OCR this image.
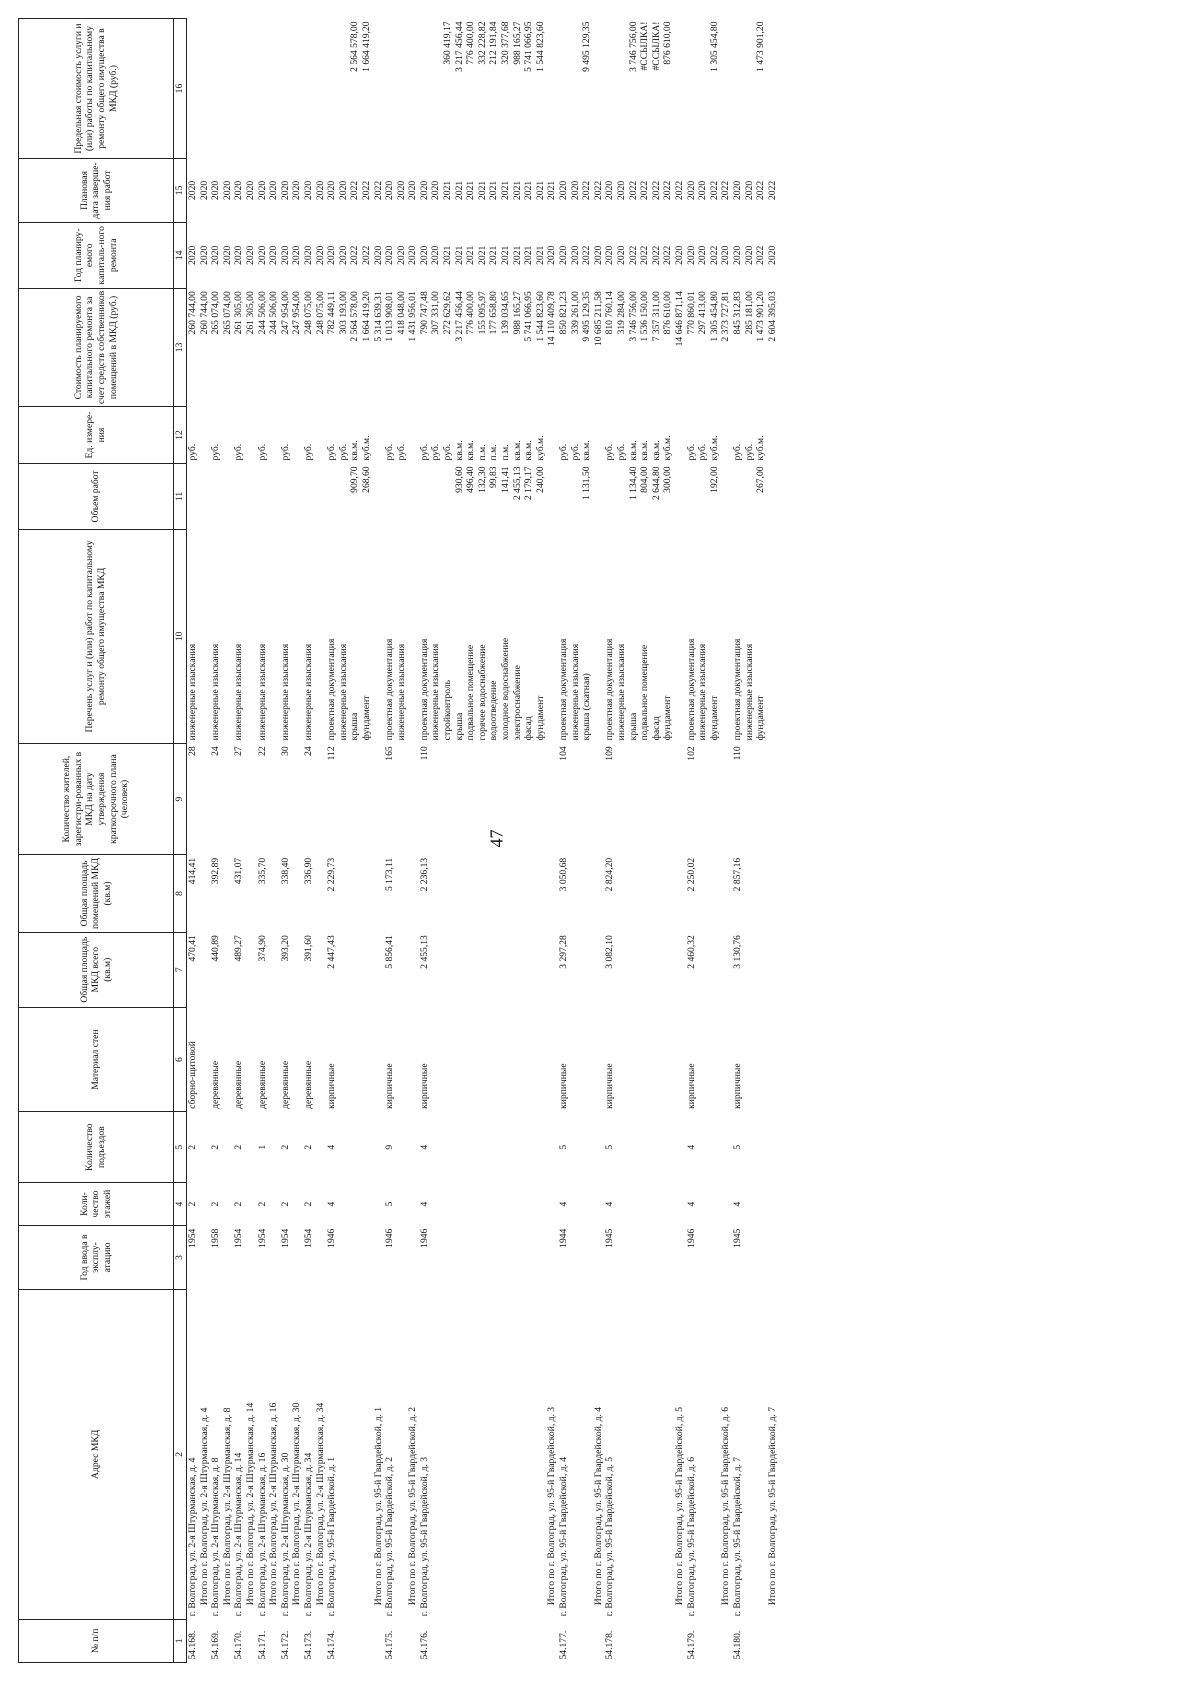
47
№ п/п	Адрес МКД	Год ввода в эксплу-атацию	Коли-чество этажей	Количество подъездов	Материал стен	Общая площадь МКД всего (кв.м)	Общая площадь помещений МКД (кв.м)	Количество жителей, зарегистри-рованных в МКД на дату утверждения краткосрочного плана (человек)	Перечень услуг и (или) работ по капитальному ремонту общего имущества МКД	Объем работ	Ед. измере-ния	Стоимость планируемого капитального ремонта за счет средств собственников помещений в МКД (руб.)	Год планиру-емого капиталь-ного ремонта	Плановая дата заверше-ния работ	Предельная стоимость услуги и (или) работы по капитальному ремонту общего имущества в МКД (руб.)
1	2	3	4	5	6	7	8	9	10	11	12	13	14	15	16
54.168.	г. Волгоград, ул. 2-я Штурманская, д. 4	1954	2	2	сборно-щитовой	470,41	414,41	28	инженерные изыскания		руб.	260 744,00	2020	2020	
	Итого по г. Волгоград, ул. 2-я Штурманская, д. 4											260 744,00	2020	2020	
54.169.	г. Волгоград, ул. 2-я Штурманская, д. 8	1958	2	2	деревянные	440,89	392,89	24	инженерные изыскания		руб.	265 074,00	2020	2020	
	Итого по г. Волгоград, ул. 2-я Штурманская, д. 8											265 074,00	2020	2020	
54.170.	г. Волгоград, ул. 2-я Штурманская, д. 14	1954	2	2	деревянные	489,27	431,07	27	инженерные изыскания		руб.	261 305,00	2020	2020	
	Итого по г. Волгоград, ул. 2-я Штурманская, д. 14											261 305,00	2020	2020	
54.171.	г. Волгоград, ул. 2-я Штурманская, д. 16	1954	2	1	деревянные	374,90	335,70	22	инженерные изыскания		руб.	244 506,00	2020	2020	
	Итого по г. Волгоград, ул. 2-я Штурманская, д. 16											244 506,00	2020	2020	
54.172.	г. Волгоград, ул. 2-я Штурманская, д. 30	1954	2	2	деревянные	393,20	338,40	30	инженерные изыскания		руб.	247 954,00	2020	2020	
	Итого по г. Волгоград, ул. 2-я Штурманская, д. 30											247 954,00	2020	2020	
54.173.	г. Волгоград, ул. 2-я Штурманская, д. 34	1954	2	2	деревянные	391,60	336,90	24	инженерные изыскания		руб.	248 075,00	2020	2020	
	Итого по г. Волгоград, ул. 2-я Штурманская, д. 34											248 075,00	2020	2020	
54.174.	г. Волгоград, ул. 95-й Гвардейской, д. 1	1946	4	4	кирпичные	2 447,43	2 229,73	112	проектная документация		руб.	782 449,11	2020	2020	
									инженерные изыскания		руб.	303 193,00	2020	2020	
									крыша	909,70	кв.м.	2 564 578,00	2022	2022	2 564 578,00
									фундамент	268,60	куб.м.	1 664 419,20	2022	2022	1 664 419,20
	Итого по г. Волгоград, ул. 95-й Гвардейской, д. 1											5 314 639,31	2020	2022	
54.175.	г. Волгоград, ул. 95-й Гвардейской, д. 2	1946	5	9	кирпичные	5 856,41	5 173,11	165	проектная документация		руб.	1 013 908,01	2020	2020	
									инженерные изыскания		руб.	418 048,00	2020	2020	
	Итого по г. Волгоград, ул. 95-й Гвардейской, д. 2											1 431 956,01	2020	2020	
54.176.	г. Волгоград, ул. 95-й Гвардейской, д. 3	1946	4	4	кирпичные	2 455,13	2 236,13	110	проектная документация		руб.	790 747,48	2020	2020	
									инженерные изыскания		руб.	307 331,00	2020	2020	
									стройконтроль		руб.	272 629,62	2021	2021	360 419,17
									крыша	930,60	кв.м.	3 217 456,44	2021	2021	3 217 456,44
									подвальное помещение	496,40	кв.м.	776 400,00	2021	2021	776 400,00
									горячее водоснабжение	132,30	п.м.	155 095,97	2021	2021	332 228,82
									водоотведение	99,83	п.м.	177 658,80	2021	2021	212 191,84
									холодное водоснабжение	141,41	п.м.	139 034,65	2021	2021	320 377,68
									электроснабжение	2 455,13	кв.м.	988 165,27	2021	2021	988 165,27
									фасад	2 179,17	кв.м.	5 741 066,95	2021	2021	5 741 066,95
									фундамент	240,00	куб.м.	1 544 823,60	2021	2021	1 544 823,60
	Итого по г. Волгоград, ул. 95-й Гвардейской, д. 3											14 110 409,78	2020	2021	
54.177.	г. Волгоград, ул. 95-й Гвардейской, д. 4	1944	4	5	кирпичные	3 297,28	3 050,68	104	проектная документация		руб.	850 821,23	2020	2020	
									инженерные изыскания		руб.	339 261,00	2020	2020	
									крыша (скатная)	1 131,50	кв.м.	9 495 129,35	2022	2022	9 495 129,35
	Итого по г. Волгоград, ул. 95-й Гвардейской, д. 4											10 685 211,58	2020	2022	
54.178.	г. Волгоград, ул. 95-й Гвардейской, д. 5	1945	4	5	кирпичные	3 082,10	2 824,20	109	проектная документация		руб.	810 760,14	2020	2020	
									инженерные изыскания		руб.	319 284,00	2020	2020	
									крыша	1 134,40	кв.м.	3 746 756,00	2022	2022	3 746 756,00
									подвальное помещение	804,00	кв.м.	1 536 150,00	2022	2022	#ССЫЛКА!
									фасад	2 644,80	кв.м.	7 357 311,00	2022	2022	#ССЫЛКА!
									фундамент	300,00	куб.м.	876 610,00	2022	2022	876 610,00
	Итого по г. Волгоград, ул. 95-й Гвардейской, д. 5											14 646 871,14	2020	2022	
54.179.	г. Волгоград, ул. 95-й Гвардейской, д. 6	1946	4	4	кирпичные	2 460,32	2 250,02	102	проектная документация		руб.	770 860,01	2020	2020	
									инженерные изыскания		руб.	297 413,00	2020	2020	
									фундамент	192,00	куб.м.	1 305 454,80	2022	2022	1 305 454,80
	Итого по г. Волгоград, ул. 95-й Гвардейской, д. 6											2 373 727,81	2020	2022	
54.180.	г. Волгоград, ул. 95-й Гвардейской, д. 7	1945	4	5	кирпичные	3 130,76	2 857,16	110	проектная документация		руб.	845 312,83	2020	2020	
									инженерные изыскания		руб.	285 181,00	2020	2020	
									фундамент	267,00	куб.м.	1 473 901,20	2022	2022	1 473 901,20
	Итого по г. Волгоград, ул. 95-й Гвардейской, д. 7											2 604 395,03	2020	2022	
